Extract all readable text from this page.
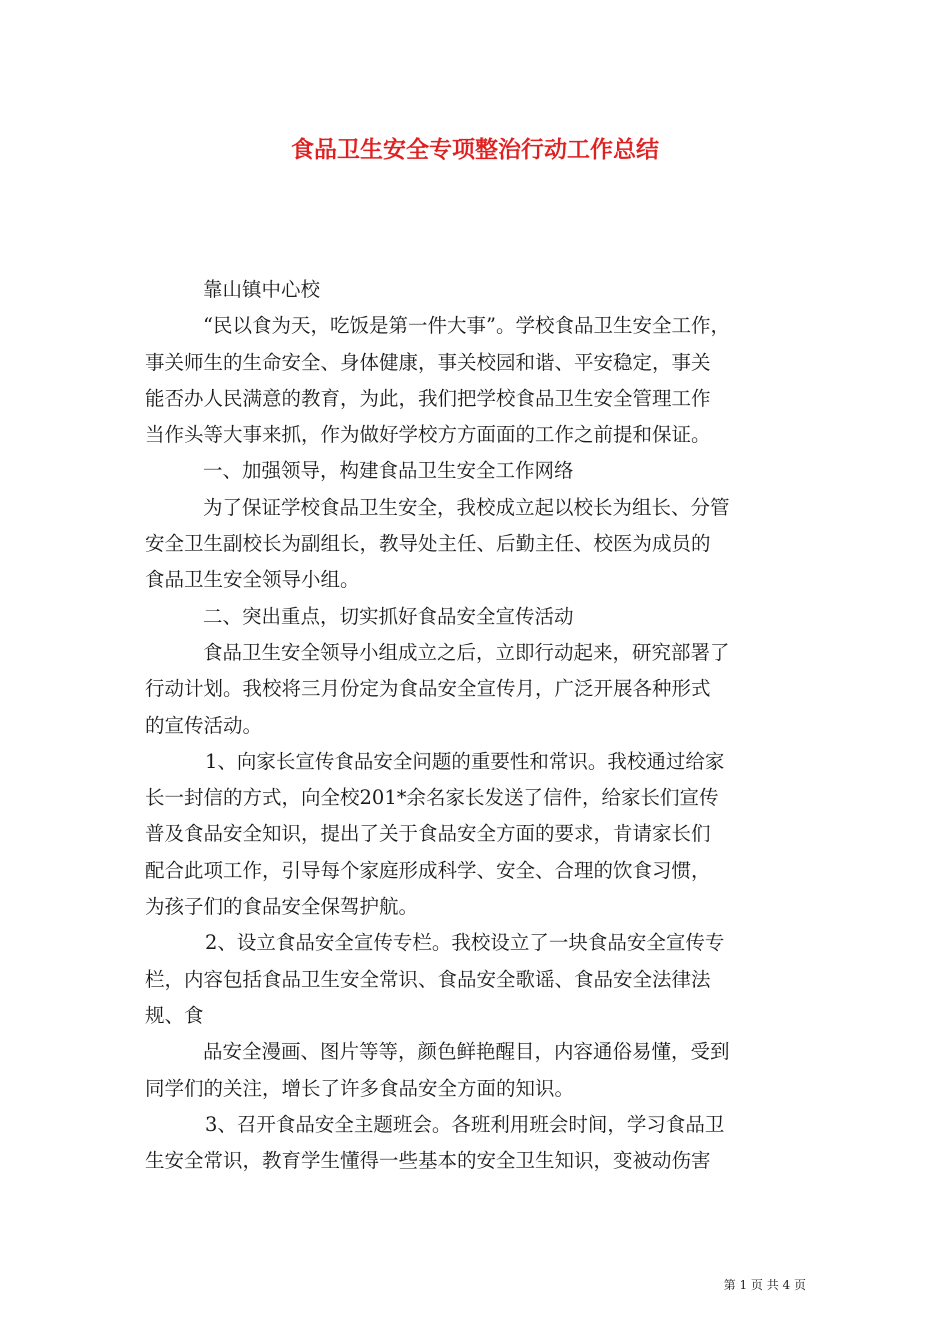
食品卫生安全专项整治行动工作总结

靠山镇中心校

“民以食为天，吃饭是第一件大事”。学校食品卫生安全工作，

事关师生的生命安全、身体健康，事关校园和谐、平安稳定，事关

能否办人民满意的教育，为此，我们把学校食品卫生安全管理工作

当作头等大事来抓，作为做好学校方方面面的工作之前提和保证。

一、加强领导，构建食品卫生安全工作网络

为了保证学校食品卫生安全，我校成立起以校长为组长、分管

安全卫生副校长为副组长，教导处主任、后勤主任、校医为成员的

食品卫生安全领导小组。

二、突出重点，切实抓好食品安全宣传活动

食品卫生安全领导小组成立之后，立即行动起来，研究部署了

行动计划。我校将三月份定为食品安全宣传月，广泛开展各种形式

的宣传活动。

1、向家长宣传食品安全问题的重要性和常识。我校通过给家

长一封信的方式，向全校201*余名家长发送了信件，给家长们宣传

普及食品安全知识，提出了关于食品安全方面的要求，肯请家长们

配合此项工作，引导每个家庭形成科学、安全、合理的饮食习惯，

为孩子们的食品安全保驾护航。

2、设立食品安全宣传专栏。我校设立了一块食品安全宣传专

栏，内容包括食品卫生安全常识、食品安全歌谣、食品安全法律法

规、食

品安全漫画、图片等等，颜色鲜艳醒目，内容通俗易懂，受到

同学们的关注，增长了许多食品安全方面的知识。

3、召开食品安全主题班会。各班利用班会时间，学习食品卫

生安全常识，教育学生懂得一些基本的安全卫生知识，变被动伤害

第 1 页 共 4 页
